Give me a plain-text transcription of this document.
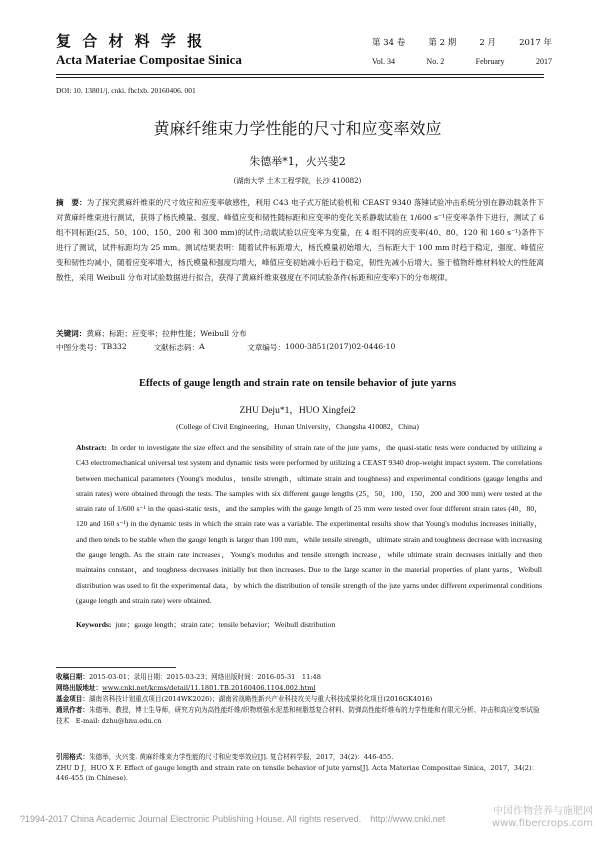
复 合 材 料 学 报
Acta Materiae Compositae Sinica
第 34 卷	第 2 期	2 月	2017 年
Vol. 34	No. 2	February	2017
DOI: 10. 13801/j. cnki. fhclxb. 20160406. 001
黄麻纤维束力学性能的尺寸和应变率效应
朱德举*1，火兴斐2
(湖南大学 土木工程学院，长沙 410082)
摘　要：为了探究黄麻纤维束的尺寸效应和应变率敏感性，利用 C43 电子式万能试验机和 CEAST 9340 落锤试验冲击系统分别在静动载条件下对黄麻纤维束进行测试，获得了杨氏模量、强度、峰值应变和韧性随标距和应变率的变化关系静载试验在 1/600 s⁻¹应变率条件下进行，测试了 6 组不同标距(25、50、100、150、200 和 300 mm)的试件;动载试验以应变率为变量，在 4 组不同的应变率(40、80、120 和 160 s⁻¹)条件下进行了测试，试件标距均为 25 mm。测试结果表明：随着试件标距增大，杨氏模量初始增大，当标距大于 100 mm 时趋于稳定，强度、峰值应变和韧性均减小，随着应变率增大，杨氏模量和强度均增大，峰值应变初始减小后趋于稳定，韧性先减小后增大。鉴于植物纤维材料较大的性能离散性，采用 Weibull 分布对试验数据进行拟合，获得了黄麻纤维束强度在不同试验条件(标距和应变率)下的分布规律。
关键词：黄麻；标距；应变率；拉伸性能；Weibull 分布
中图分类号： TB332	文献标志码： A	文章编号： 1000-3851(2017)02-0446-10
Effects of gauge length and strain rate on tensile behavior of jute yarns
ZHU Deju*1，HUO Xingfei2
(College of Civil Engineering，Hunan University，Changsha 410082，China)
Abstract: In order to investigate the size effect and the sensibility of strain rate of the jute yarns，the quasi-static tests were conducted by utilizing a C43 electromechanical universal test system and dynamic tests were performed by utilizing a CEAST 9340 drop-weight impact system. The correlations between mechanical parameters (Young's modulus，tensile strength，ultimate strain and toughness) and experimental conditions (gauge lengths and strain rates) were obtained through the tests. The samples with six different gauge lengths (25，50，100，150，200 and 300 mm) were tested at the strain rate of 1/600 s⁻¹ in the quasi-static tests，and the samples with the gauge length of 25 mm were tested over four different strain rates (40，80，120 and 160 s⁻¹) in the dynamic tests in which the strain rate was a variable. The experimental results show that Young's modulus increases initially，and then tends to be stable when the gauge length is larger than 100 mm，while tensile strength，ultimate strain and toughness decrease with increasing the gauge length. As the strain rate increases，Young's modulus and tensile strength increase，while ultimate strain decreases initially and then maintains constant，and toughness decreases initially but then increases. Due to the large scatter in the material properties of plant yarns，Weibull distribution was used to fit the experimental data，by which the distribution of tensile strength of the jute yarns under different experimental conditions (gauge length and strain rate) were obtained.
Keywords: jute；gauge length；strain rate；tensile behavior；Weibull distribution
收稿日期：2015-03-01；录用日期：2015-03-23；网络出版时间：2016-05-31　11:48
网络出版地址：www.cnki.net/kcms/detail/11.1801.TB.20160406.1104.002.html
基金项目：湖南省科技计划重点项目(2014WK2026)；湖南省战略性新兴产业科技攻关与重大科技成果转化项目(2016GK4016)
通讯作者：朱德举，教授，博士生导师，研究方向为高性能纤维/织物增强水泥基和树脂基复合材料、防弹高性能纤维布的力学性能和有限元分析、冲击和高应变率试验技术　E-mail: dzhu@hnu.edu.cn
引用格式：朱德举，火兴斐. 黄麻纤维束力学性能的尺寸和应变率效应[J]. 复合材料学报，2017，34(2)：446-455.
ZHU D J，HUO X F. Effect of gauge length and strain rate on tensile behavior of jute yarns[J]. Acta Materiae Compositae Sinica，2017，34(2)：446-455 (in Chinese).
?1994-2017 China Academic Journal Electronic Publishing House. All rights reserved.　http://www.cnki.net
中国作物营养与施肥网 www.fibercrops.com
